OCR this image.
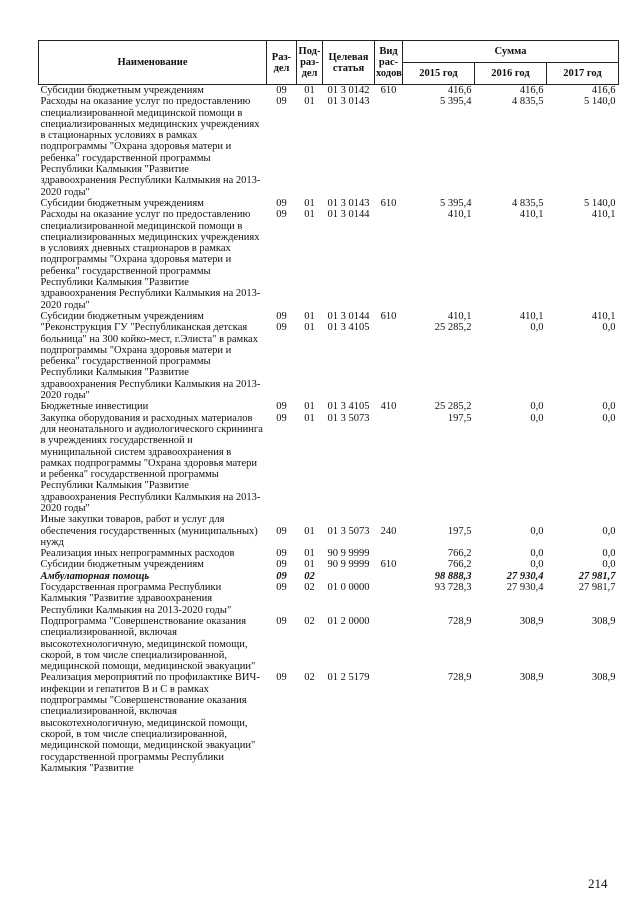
Наименование	Раз-дел	Под-раз-дел	Целевая статья	Вид рас-ходов	Сумма		
					2015 год	2016 год	2017 год
Субсидии бюджетным учреждениям	09	01	01 3 0142	610	416,6	416,6	416,6
Расходы на оказание услуг по предоставлению специализированной медицинской помощи в специализированных медицинских учреждениях в стационарных условиях в рамках подпрограммы "Охрана здоровья матери и ребенка" государственной программы Республики Калмыкия "Развитие здравоохранения Республики Калмыкия на 2013-2020 годы"	09	01	01 3 0143		5 395,4	4 835,5	5 140,0
Субсидии бюджетным учреждениям	09	01	01 3 0143	610	5 395,4	4 835,5	5 140,0
Расходы на оказание услуг по предоставлению специализированной медицинской помощи в специализированных медицинских учреждениях в условиях дневных стационаров в рамках подпрограммы "Охрана здоровья матери и ребенка" государственной программы Республики Калмыкия "Развитие здравоохранения Республики Калмыкия на 2013-2020 годы"	09	01	01 3 0144		410,1	410,1	410,1
Субсидии бюджетным учреждениям	09	01	01 3 0144	610	410,1	410,1	410,1
"Реконструкция ГУ "Республиканская детская больница" на 300 койко-мест, г.Элиста" в рамках подпрограммы "Охрана здоровья матери и ребенка" государственной программы Республики Калмыкия "Развитие здравоохранения Республики Калмыкия на 2013-2020 годы"	09	01	01 3 4105		25 285,2	0,0	0,0
Бюджетные инвестиции	09	01	01 3 4105	410	25 285,2	0,0	0,0
Закупка оборудования и расходных материалов для неонатального и аудиологического скрининга в учреждениях государственной и муниципальной систем здравоохранения в рамках подпрограммы "Охрана здоровья матери и ребенка" государственной программы Республики Калмыкия "Развитие здравоохранения Республики Калмыкия на 2013-2020 годы"	09	01	01 3 5073		197,5	0,0	0,0
Иные закупки товаров, работ и услуг для обеспечения государственных (муниципальных) нужд	09	01	01 3 5073	240	197,5	0,0	0,0
Реализация иных непрограммных расходов	09	01	90 9 9999		766,2	0,0	0,0
Субсидии бюджетным учреждениям	09	01	90 9 9999	610	766,2	0,0	0,0
Амбулаторная помощь	09	02			98 888,3	27 930,4	27 981,7
Государственная программа Республики Калмыкия "Развитие здравоохранения Республики Калмыкия на 2013-2020 годы"	09	02	01 0 0000		93 728,3	27 930,4	27 981,7
Подпрограмма "Совершенствование оказания специализированной, включая высокотехнологичную, медицинской помощи, скорой, в том числе специализированной, медицинской помощи, медицинской эвакуации"	09	02	01 2 0000		728,9	308,9	308,9
Реализация мероприятий по профилактике ВИЧ-инфекции и гепатитов В и С в рамках подпрограммы "Совершенствование оказания специализированной, включая высокотехнологичную, медицинской помощи, скорой, в том числе специализированной, медицинской помощи, медицинской эвакуации" государственной программы Республики Калмыкия "Развитие	09	02	01 2 5179		728,9	308,9	308,9
214
